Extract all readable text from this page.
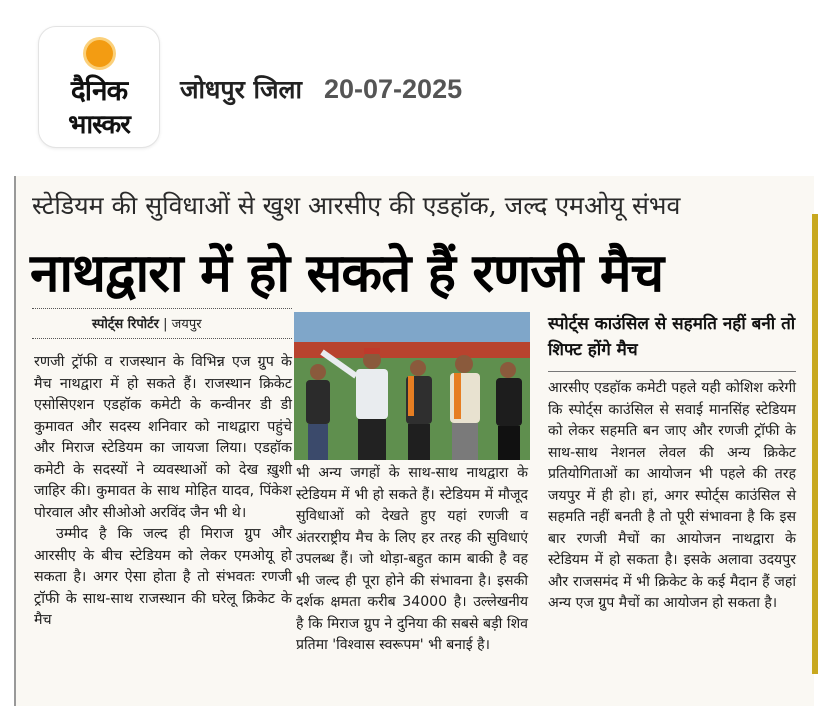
दैनिक
भास्कर
जोधपुर जिला 20-07-2025
स्टेडियम की सुविधाओं से खुश आरसीए की एडहॉक, जल्द एमओयू संभव
नाथद्वारा में हो सकते हैं रणजी मैच
स्पोर्ट्स रिपोर्टर | जयपुर

रणजी ट्रॉफी व राजस्थान के विभिन्न एज ग्रुप के मैच नाथद्वारा में हो सकते हैं। राजस्थान क्रिकेट एसोसिएशन एडहॉक कमेटी के कन्वीनर डी डी कुमावत और सदस्य शनिवार को नाथद्वारा पहुंचे और मिराज स्टेडियम का जायजा लिया। एडहॉक कमेटी के सदस्यों ने व्यवस्थाओं को देख ख़ुशी जाहिर की। कुमावत के साथ मोहित यादव, पिंकेश पोरवाल और सीओओ अरविंद जैन भी थे।

उम्मीद है कि जल्द ही मिराज ग्रुप और आरसीए के बीच स्टेडियम को लेकर एमओयू हो सकता है। अगर ऐसा होता है तो संभवतः रणजी ट्रॉफी के साथ-साथ राजस्थान की घरेलू क्रिकेट के मैच

भी अन्य जगहों के साथ-साथ नाथद्वारा के स्टेडियम में भी हो सकते हैं। स्टेडियम में मौजूद सुविधाओं को देखते हुए यहां रणजी व अंतरराष्ट्रीय मैच के लिए हर तरह की सुविधाएं उपलब्ध हैं। जो थोड़ा-बहुत काम बाकी है वह भी जल्द ही पूरा होने की संभावना है। इसकी दर्शक क्षमता करीब 34000 है। उल्लेखनीय है कि मिराज ग्रुप ने दुनिया की सबसे बड़ी शिव प्रतिमा 'विश्वास स्वरूपम' भी बनाई है।

स्पोर्ट्स काउंसिल से सहमति नहीं बनी तो शिफ्ट होंगे मैच

आरसीए एडहॉक कमेटी पहले यही कोशिश करेगी कि स्पोर्ट्स काउंसिल से सवाई मानसिंह स्टेडियम को लेकर सहमति बन जाए और रणजी ट्रॉफी के साथ-साथ नेशनल लेवल की अन्य क्रिकेट प्रतियोगिताओं का आयोजन भी पहले की तरह जयपुर में ही हो। हां, अगर स्पोर्ट्स काउंसिल से सहमति नहीं बनती है तो पूरी संभावना है कि इस बार रणजी मैचों का आयोजन नाथद्वारा के स्टेडियम में हो सकता है। इसके अलावा उदयपुर और राजसमंद में भी क्रिकेट के कई मैदान हैं जहां अन्य एज ग्रुप मैचों का आयोजन हो सकता है।
